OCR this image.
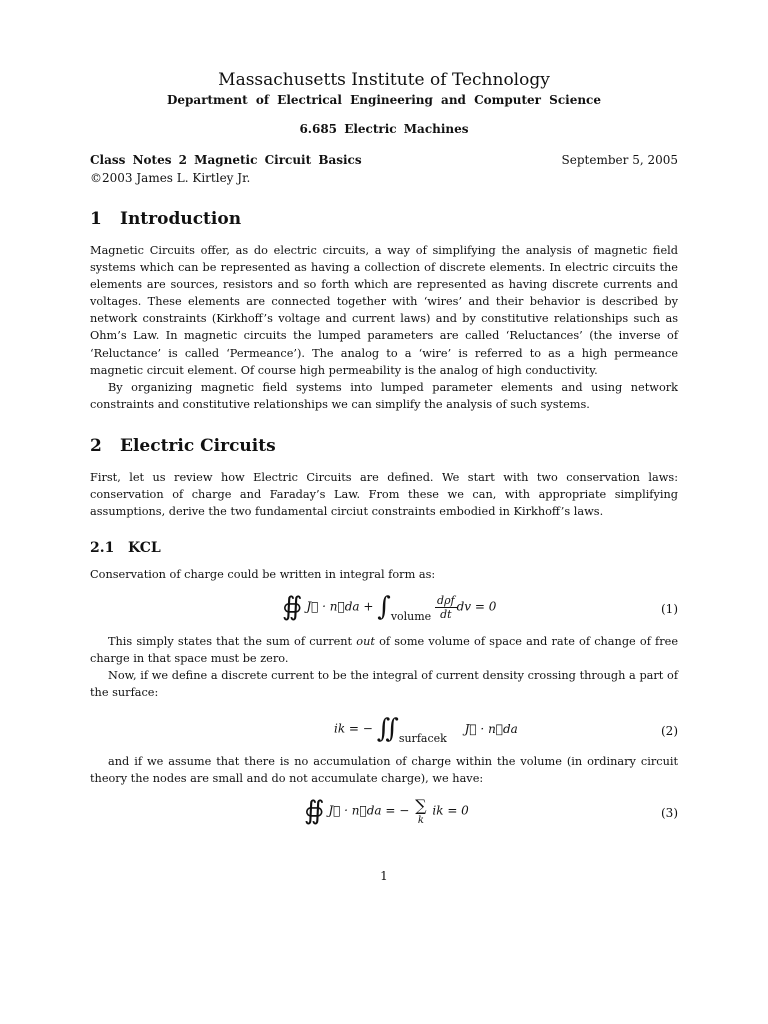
Massachusetts Institute of Technology
Department of Electrical Engineering and Computer Science
6.685 Electric Machines
Class Notes 2 Magnetic Circuit Basics	September 5, 2005
©2003 James L. Kirtley Jr.
1 Introduction

Magnetic Circuits offer, as do electric circuits, a way of simplifying the analysis of magnetic field systems which can be represented as having a collection of discrete elements. In electric circuits the elements are sources, resistors and so forth which are represented as having discrete currents and voltages. These elements are connected together with ‘wires’ and their behavior is described by network constraints (Kirkhoff’s voltage and current laws) and by constitutive relationships such as Ohm’s Law. In magnetic circuits the lumped parameters are called ‘Reluctances’ (the inverse of ‘Reluctance’ is called ‘Permeance’). The analog to a ‘wire’ is referred to as a high permeance magnetic circuit element. Of course high permeability is the analog of high conductivity.

By organizing magnetic field systems into lumped parameter elements and using network constraints and constitutive relationships we can simplify the analysis of such systems.

2 Electric Circuits

First, let us review how Electric Circuits are defined. We start with two conservation laws: conservation of charge and Faraday’s Law. From these we can, with appropriate simplifying assumptions, derive the two fundamental circiut constraints embodied in Kirkhoff’s laws.

2.1 KCL

Conservation of charge could be written in integral form as:

∯ J⃗ · n⃗da + ∫volume $\frac{\text{dρf}}{dt}$ dv = 0	(1)

This simply states that the sum of current out of some volume of space and rate of change of free charge in that space must be zero.

Now, if we define a discrete current to be the integral of current density crossing through a part of the surface:

ik = − ∬surfacek J⃗ · n⃗da	(2)

and if we assume that there is no accumulation of charge within the volume (in ordinary circuit theory the nodes are small and do not accumulate charge), we have:

∯ J⃗ · n⃗da = − ∑
k
ik = 0	(3)
1
